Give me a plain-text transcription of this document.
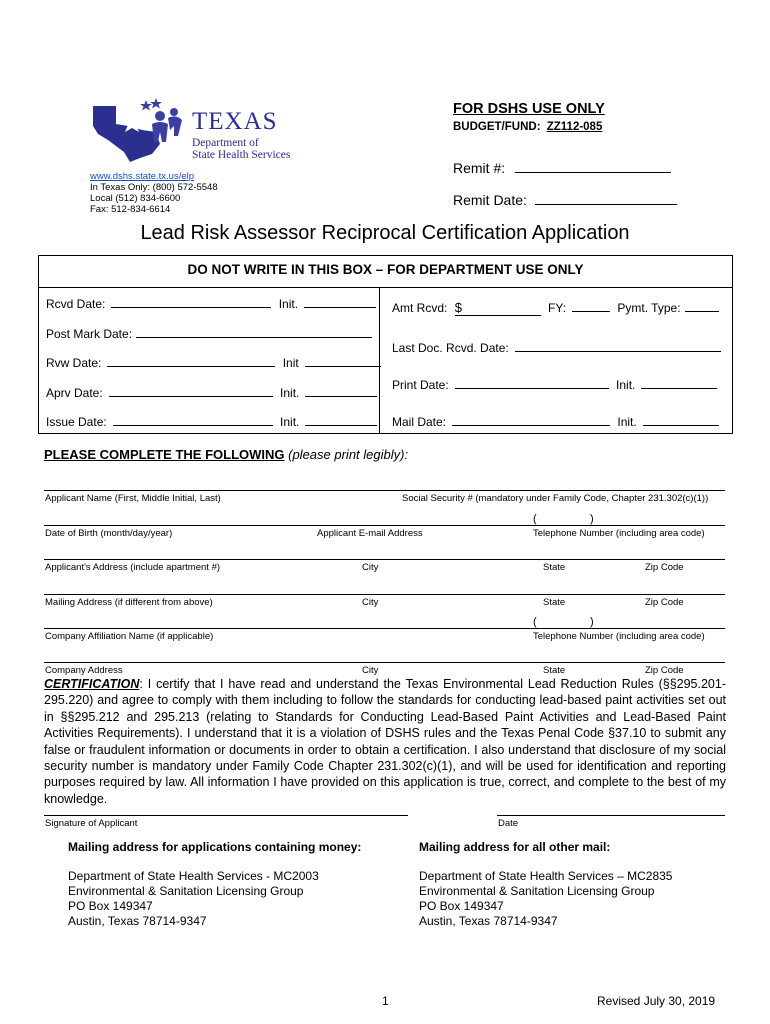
TEXAS
Department of
State Health Services
www.dshs.state.tx.us/elp
In Texas Only: (800) 572-5548
Local (512) 834-6600
Fax: 512-834-6614
FOR DSHS USE ONLY
BUDGET/FUND: ZZ112-085
Remit #:
Remit Date:
Lead Risk Assessor Reciprocal Certification Application
DO NOT WRITE IN THIS BOX – FOR DEPARTMENT USE ONLY
Rcvd Date:	Init.
Post Mark Date:
Rvw Date:	Init
Aprv Date:	Init.
Issue Date:	Init.
Amt Rcvd: $	FY:	Pymt. Type:
Last Doc. Rcvd. Date:
Print Date:	Init.
Mail Date:	Init.
PLEASE COMPLETE THE FOLLOWING (please print legibly):
Applicant Name (First, Middle Initial, Last)	Social Security # (mandatory under Family Code, Chapter 231.302(c)(1))
(	)
Date of Birth (month/day/year)	Applicant E-mail Address	Telephone Number (including area code)
Applicant's Address (include apartment #)	City	State	Zip Code
Mailing Address (if different from above)	City	State	Zip Code
(	)
Company Affiliation Name (if applicable)	Telephone Number (including area code)
Company Address	City	State	Zip Code
CERTIFICATION: I certify that I have read and understand the Texas Environmental Lead Reduction Rules (§§295.201-295.220) and agree to comply with them including to follow the standards for conducting lead-based paint activities set out in §§295.212 and 295.213 (relating to Standards for Conducting Lead-Based Paint Activities and Lead-Based Paint Activities Requirements). I understand that it is a violation of DSHS rules and the Texas Penal Code §37.10 to submit any false or fraudulent information or documents in order to obtain a certification. I also understand that disclosure of my social security number is mandatory under Family Code Chapter 231.302(c)(1), and will be used for identification and reporting purposes required by law. All information I have provided on this application is true, correct, and complete to the best of my knowledge.
Signature of Applicant	Date
Mailing address for applications containing money:
Department of State Health Services - MC2003
Environmental & Sanitation Licensing Group
PO Box 149347
Austin, Texas 78714-9347
Mailing address for all other mail:
Department of State Health Services – MC2835
Environmental & Sanitation Licensing Group
PO Box 149347
Austin, Texas 78714-9347
1	Revised July 30, 2019
